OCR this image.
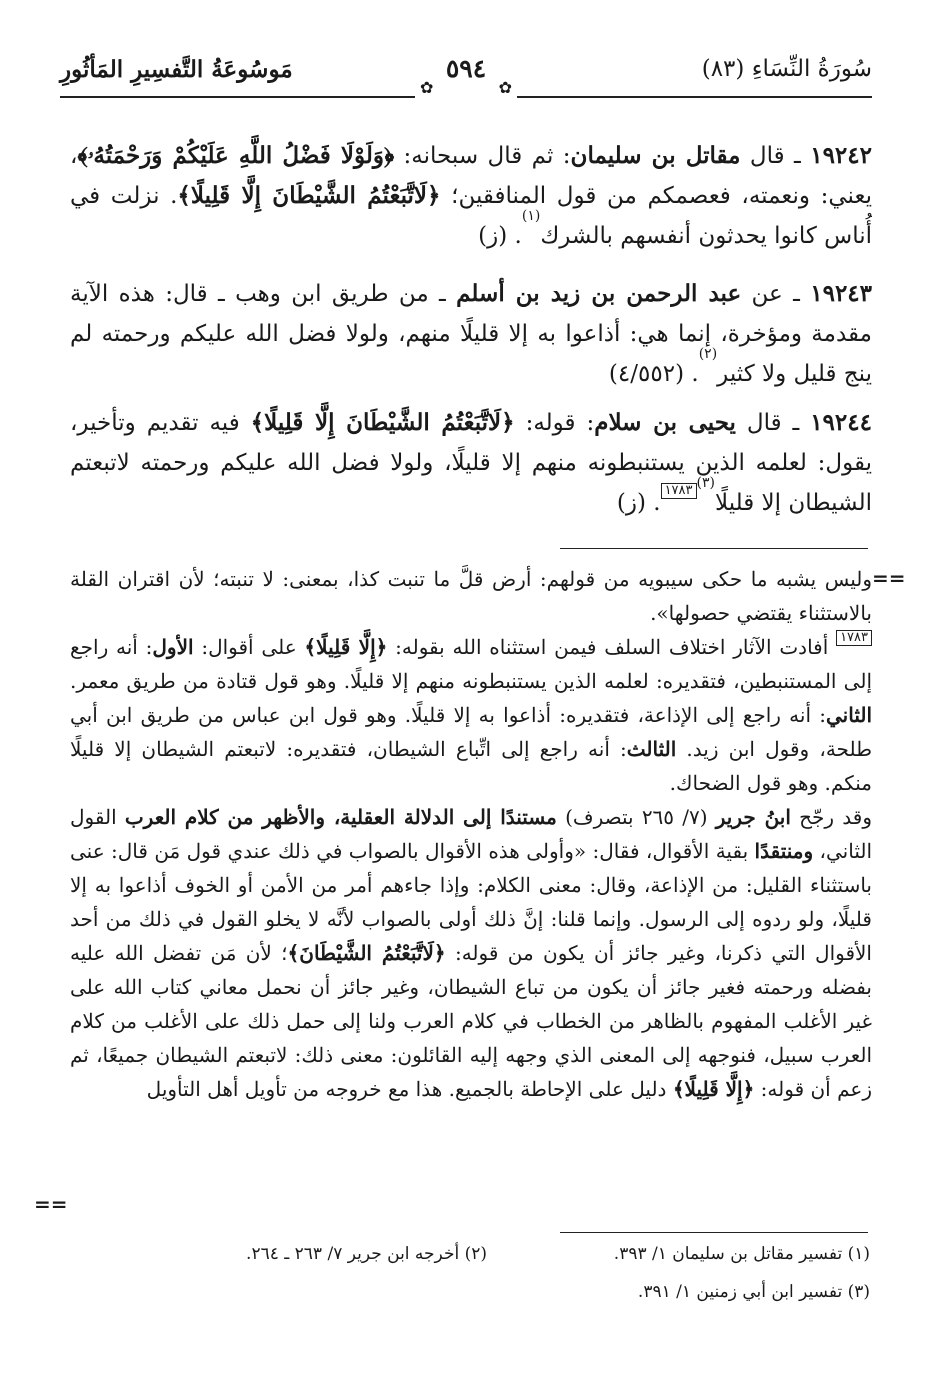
سُورَةُ النِّسَاءِ (٨٣)
مَوسُوعَةُ التَّفسِيرِ المَأثُورِ	٥٩٤
✿	✿
١٩٢٤٢ ـ قال مقاتل بن سليمان: ثم قال سبحانه: ﴿وَلَوْلَا فَضْلُ اللَّهِ عَلَيْكُمْ وَرَحْمَتُهُۥ﴾، يعني: ونعمته، فعصمكم من قول المنافقين؛ ﴿لَاتَّبَعْتُمُ الشَّيْطَانَ إِلَّا قَلِيلًا﴾. نزلت في أُناس كانوا يحدثون أنفسهم بالشرك$^{(١)}$. (ز)
١٩٢٤٣ ـ عن عبد الرحمن بن زيد بن أسلم ـ من طريق ابن وهب ـ قال: هذه الآية مقدمة ومؤخرة، إنما هي: أذاعوا به إلا قليلًا منهم، ولولا فضل الله عليكم ورحمته لم ينج قليل ولا كثير$^{(٢)}$. (٤/٥٥٢)
١٩٢٤٤ ـ قال يحيى بن سلام: قوله: ﴿لَاتَّبَعْتُمُ الشَّيْطَانَ إِلَّا قَلِيلًا﴾ فيه تقديم وتأخير، يقول: لعلمه الذين يستنبطونه منهم إلا قليلًا، ولولا فضل الله عليكم ورحمته لاتبعتم الشيطان إلا قليلًا$^{(٣)}$١٧٨٣. (ز)
==
وليس يشبه ما حكى سيبويه من قولهم: أرض قلَّ ما تنبت كذا، بمعنى: لا تنبته؛ لأن اقتران القلة بالاستثناء يقتضي حصولها».
١٧٨٣ أفادت الآثار اختلاف السلف فيمن استثناه الله بقوله: ﴿إِلَّا قَلِيلًا﴾ على أقوال: الأول: أنه راجع إلى المستنبطين، فتقديره: لعلمه الذين يستنبطونه منهم إلا قليلًا. وهو قول قتادة من طريق معمر. الثاني: أنه راجع إلى الإذاعة، فتقديره: أذاعوا به إلا قليلًا. وهو قول ابن عباس من طريق ابن أبي طلحة، وقول ابن زيد. الثالث: أنه راجع إلى اتِّباع الشيطان، فتقديره: لاتبعتم الشيطان إلا قليلًا منكم. وهو قول الضحاك.
وقد رجّح ابنُ جرير (٧/ ٢٦٥ بتصرف) مستندًا إلى الدلالة العقلية، والأظهر من كلام العرب القول الثاني، ومنتقدًا بقية الأقوال، فقال: «وأولى هذه الأقوال بالصواب في ذلك عندي قول مَن قال: عنى باستثناء القليل: من الإذاعة، وقال: معنى الكلام: وإذا جاءهم أمر من الأمن أو الخوف أذاعوا به إلا قليلًا، ولو ردوه إلى الرسول. وإنما قلنا: إنَّ ذلك أولى بالصواب لأنَّه لا يخلو القول في ذلك من أحد الأقوال التي ذكرنا، وغير جائز أن يكون من قوله: ﴿لَاتَّبَعْتُمُ الشَّيْطَانَ﴾؛ لأن مَن تفضل الله عليه بفضله ورحمته فغير جائز أن يكون من تباع الشيطان، وغير جائز أن نحمل معاني كتاب الله على غير الأغلب المفهوم بالظاهر من الخطاب في كلام العرب ولنا إلى حمل ذلك على الأغلب من كلام العرب سبيل، فنوجهه إلى المعنى الذي وجهه إليه القائلون: معنى ذلك: لاتبعتم الشيطان جميعًا، ثم زعم أن قوله: ﴿إِلَّا قَلِيلًا﴾ دليل على الإحاطة بالجميع. هذا مع خروجه من تأويل أهل التأويل
==
(١) تفسير مقاتل بن سليمان ١/ ٣٩٣.
(٢) أخرجه ابن جرير ٧/ ٢٦٣ ـ ٢٦٤.
(٣) تفسير ابن أبي زمنين ١/ ٣٩١.
